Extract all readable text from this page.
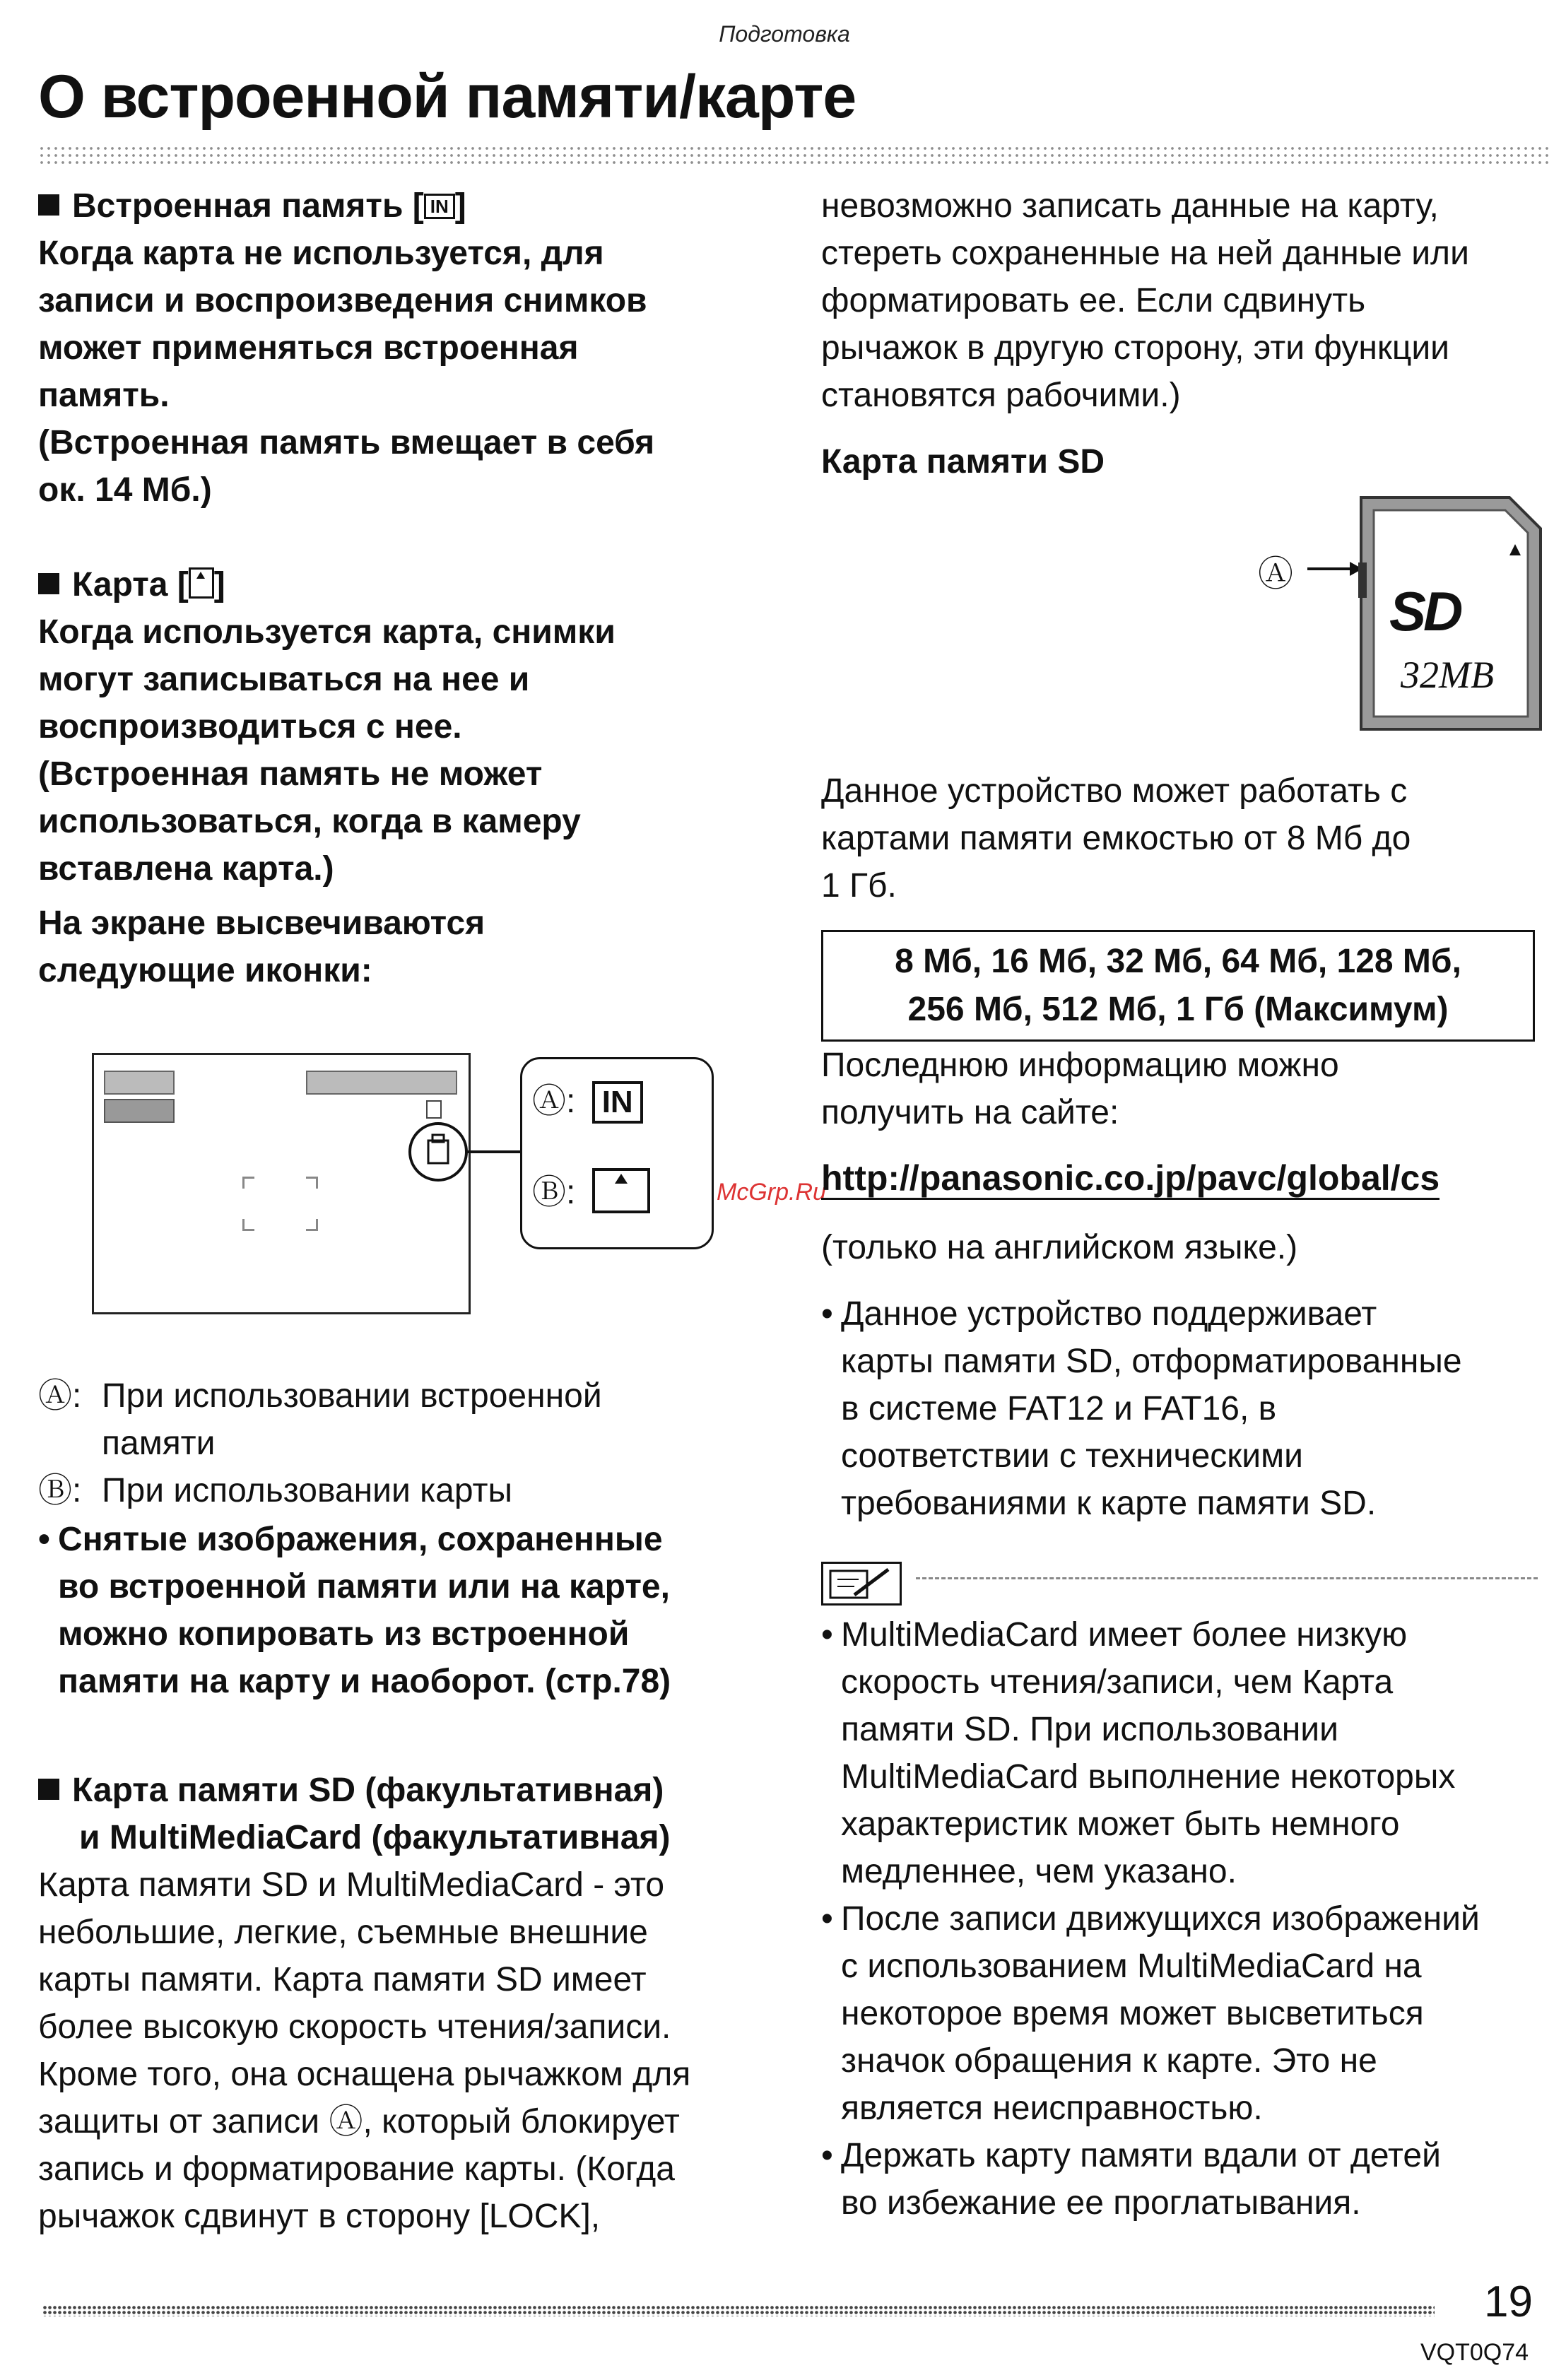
Подготовка
О встроенной памяти/карте
Встроенная память [ IN ]
Когда карта не используется, для
записи и воспроизведения снимков
может применяться встроенная
память.
(Встроенная память вмещает в себя
ок. 14 Мб.)
Карта [ ]
Когда используется карта, снимки
могут записываться на нее и
воспроизводиться с нее.
(Встроенная память не может
использоваться, когда в камеру
вставлена карта.)
На экране высвечиваются
следующие иконки:
Ⓐ: IN
Ⓑ:	McGrp.Ru
Ⓐ: При использовании встроенной
памяти
Ⓑ: При использовании карты
• Снятые изображения, сохраненные
во встроенной памяти или на карте,
можно копировать из встроенной
памяти на карту и наоборот. (стр.78)
Карта памяти SD (факультативная)
и MultiMediaCard (факультативная)
Карта памяти SD и MultiMediaCard - это
небольшие, легкие, съемные внешние
карты памяти. Карта памяти SD имеет
более высокую скорость чтения/записи.
Кроме того, она оснащена рычажком для
защиты от записи Ⓐ, который блокирует
запись и форматирование карты. (Когда
рычажок сдвинут в сторону [LOCK],
невозможно записать данные на карту,
стереть сохраненные на ней данные или
форматировать ее. Если сдвинуть
рычажок в другую сторону, эти функции
становятся рабочими.)
Карта памяти SD
Ⓐ
SD
32MB
Данное устройство может работать с
картами памяти емкостью от 8 Мб до
1 Гб.
8 Мб, 16 Мб, 32 Мб, 64 Мб, 128 Мб,
256 Мб, 512 Мб, 1 Гб (Максимум)
Последнюю информацию можно
получить на сайте:
http://panasonic.co.jp/pavc/global/cs
(только на английском языке.)
• Данное устройство поддерживает
карты памяти SD, отформатированные
в системе FAT12 и FAT16, в
соответствии с техническими
требованиями к карте памяти SD.
• MultiMediaCard имеет более низкую
скорость чтения/записи, чем Карта
памяти SD. При использовании
MultiMediaCard выполнение некоторых
характеристик может быть немного
медленнее, чем указано.
• После записи движущихся изображений
с использованием MultiMediaCard на
некоторое время может высветиться
значок обращения к карте. Это не
является неисправностью.
• Держать карту памяти вдали от детей
во избежание ее проглатывания.
19
VQT0Q74
